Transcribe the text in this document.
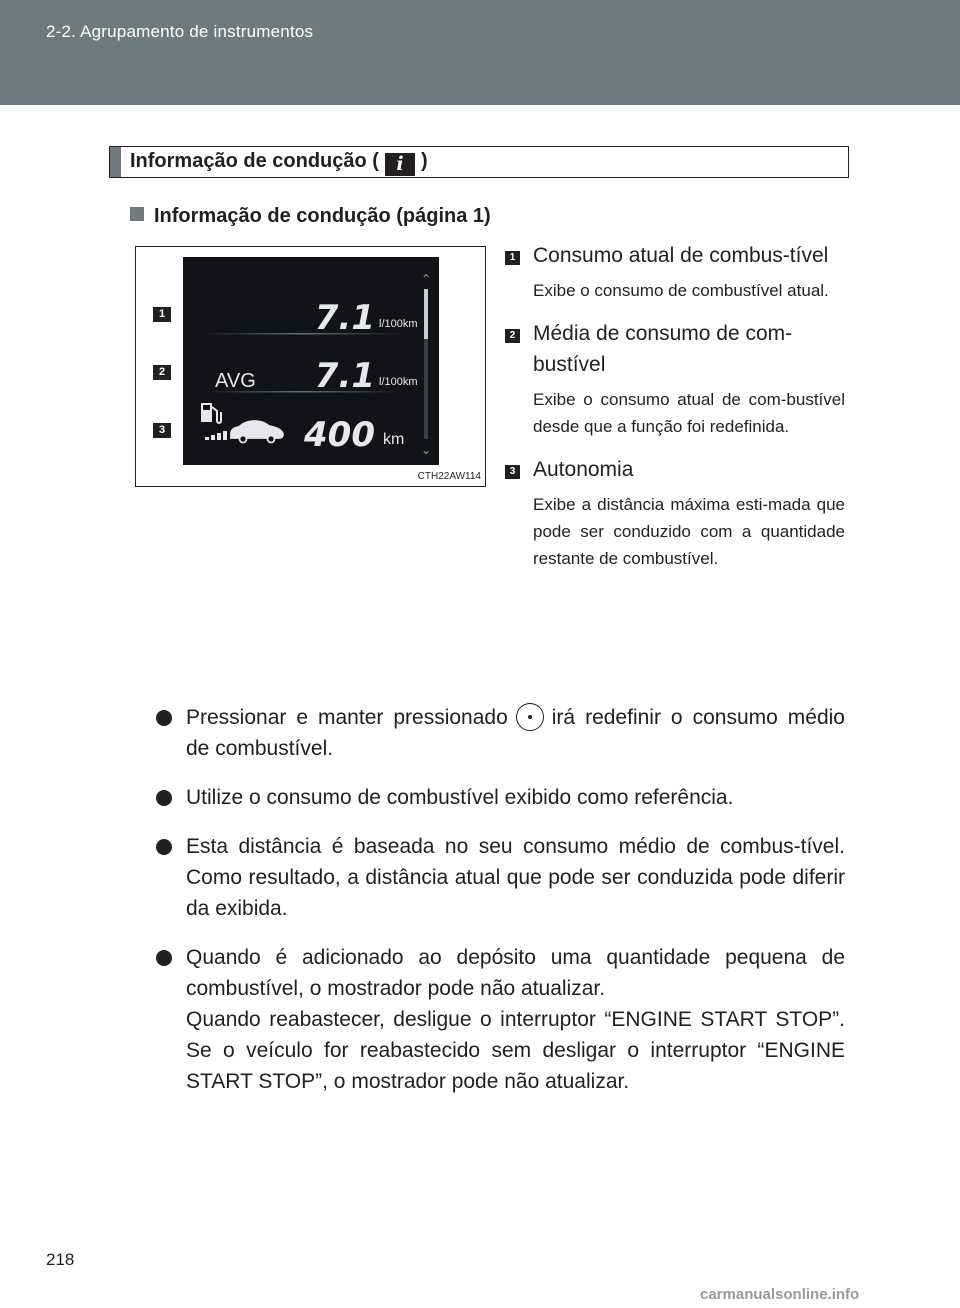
2-2. Agrupamento de instrumentos
Informação de condução ( i )
Informação de condução (página 1)
1
2
3
⌃
⌄
7.1 l/100km
AVG 7.1 l/100km
400 km
CTH22AW114
1 Consumo atual de combus-tível
Exibe o consumo de combustível atual.
2 Média de consumo de com-bustível
Exibe o consumo atual de com-bustível desde que a função foi redefinida.
3 Autonomia
Exibe a distância máxima esti-mada que pode ser conduzido com a quantidade restante de combustível.

Pressionar e manter pressionado irá redefinir o consumo médio de combustível.

Utilize o consumo de combustível exibido como referência.

Esta distância é baseada no seu consumo médio de combus-tível. Como resultado, a distância atual que pode ser conduzida pode diferir da exibida.

Quando é adicionado ao depósito uma quantidade pequena de combustível, o mostrador pode não atualizar.

Quando reabastecer, desligue o interruptor “ENGINE START STOP”. Se o veículo for reabastecido sem desligar o interruptor “ENGINE START STOP”, o mostrador pode não atualizar.

218
carmanualsonline.info
